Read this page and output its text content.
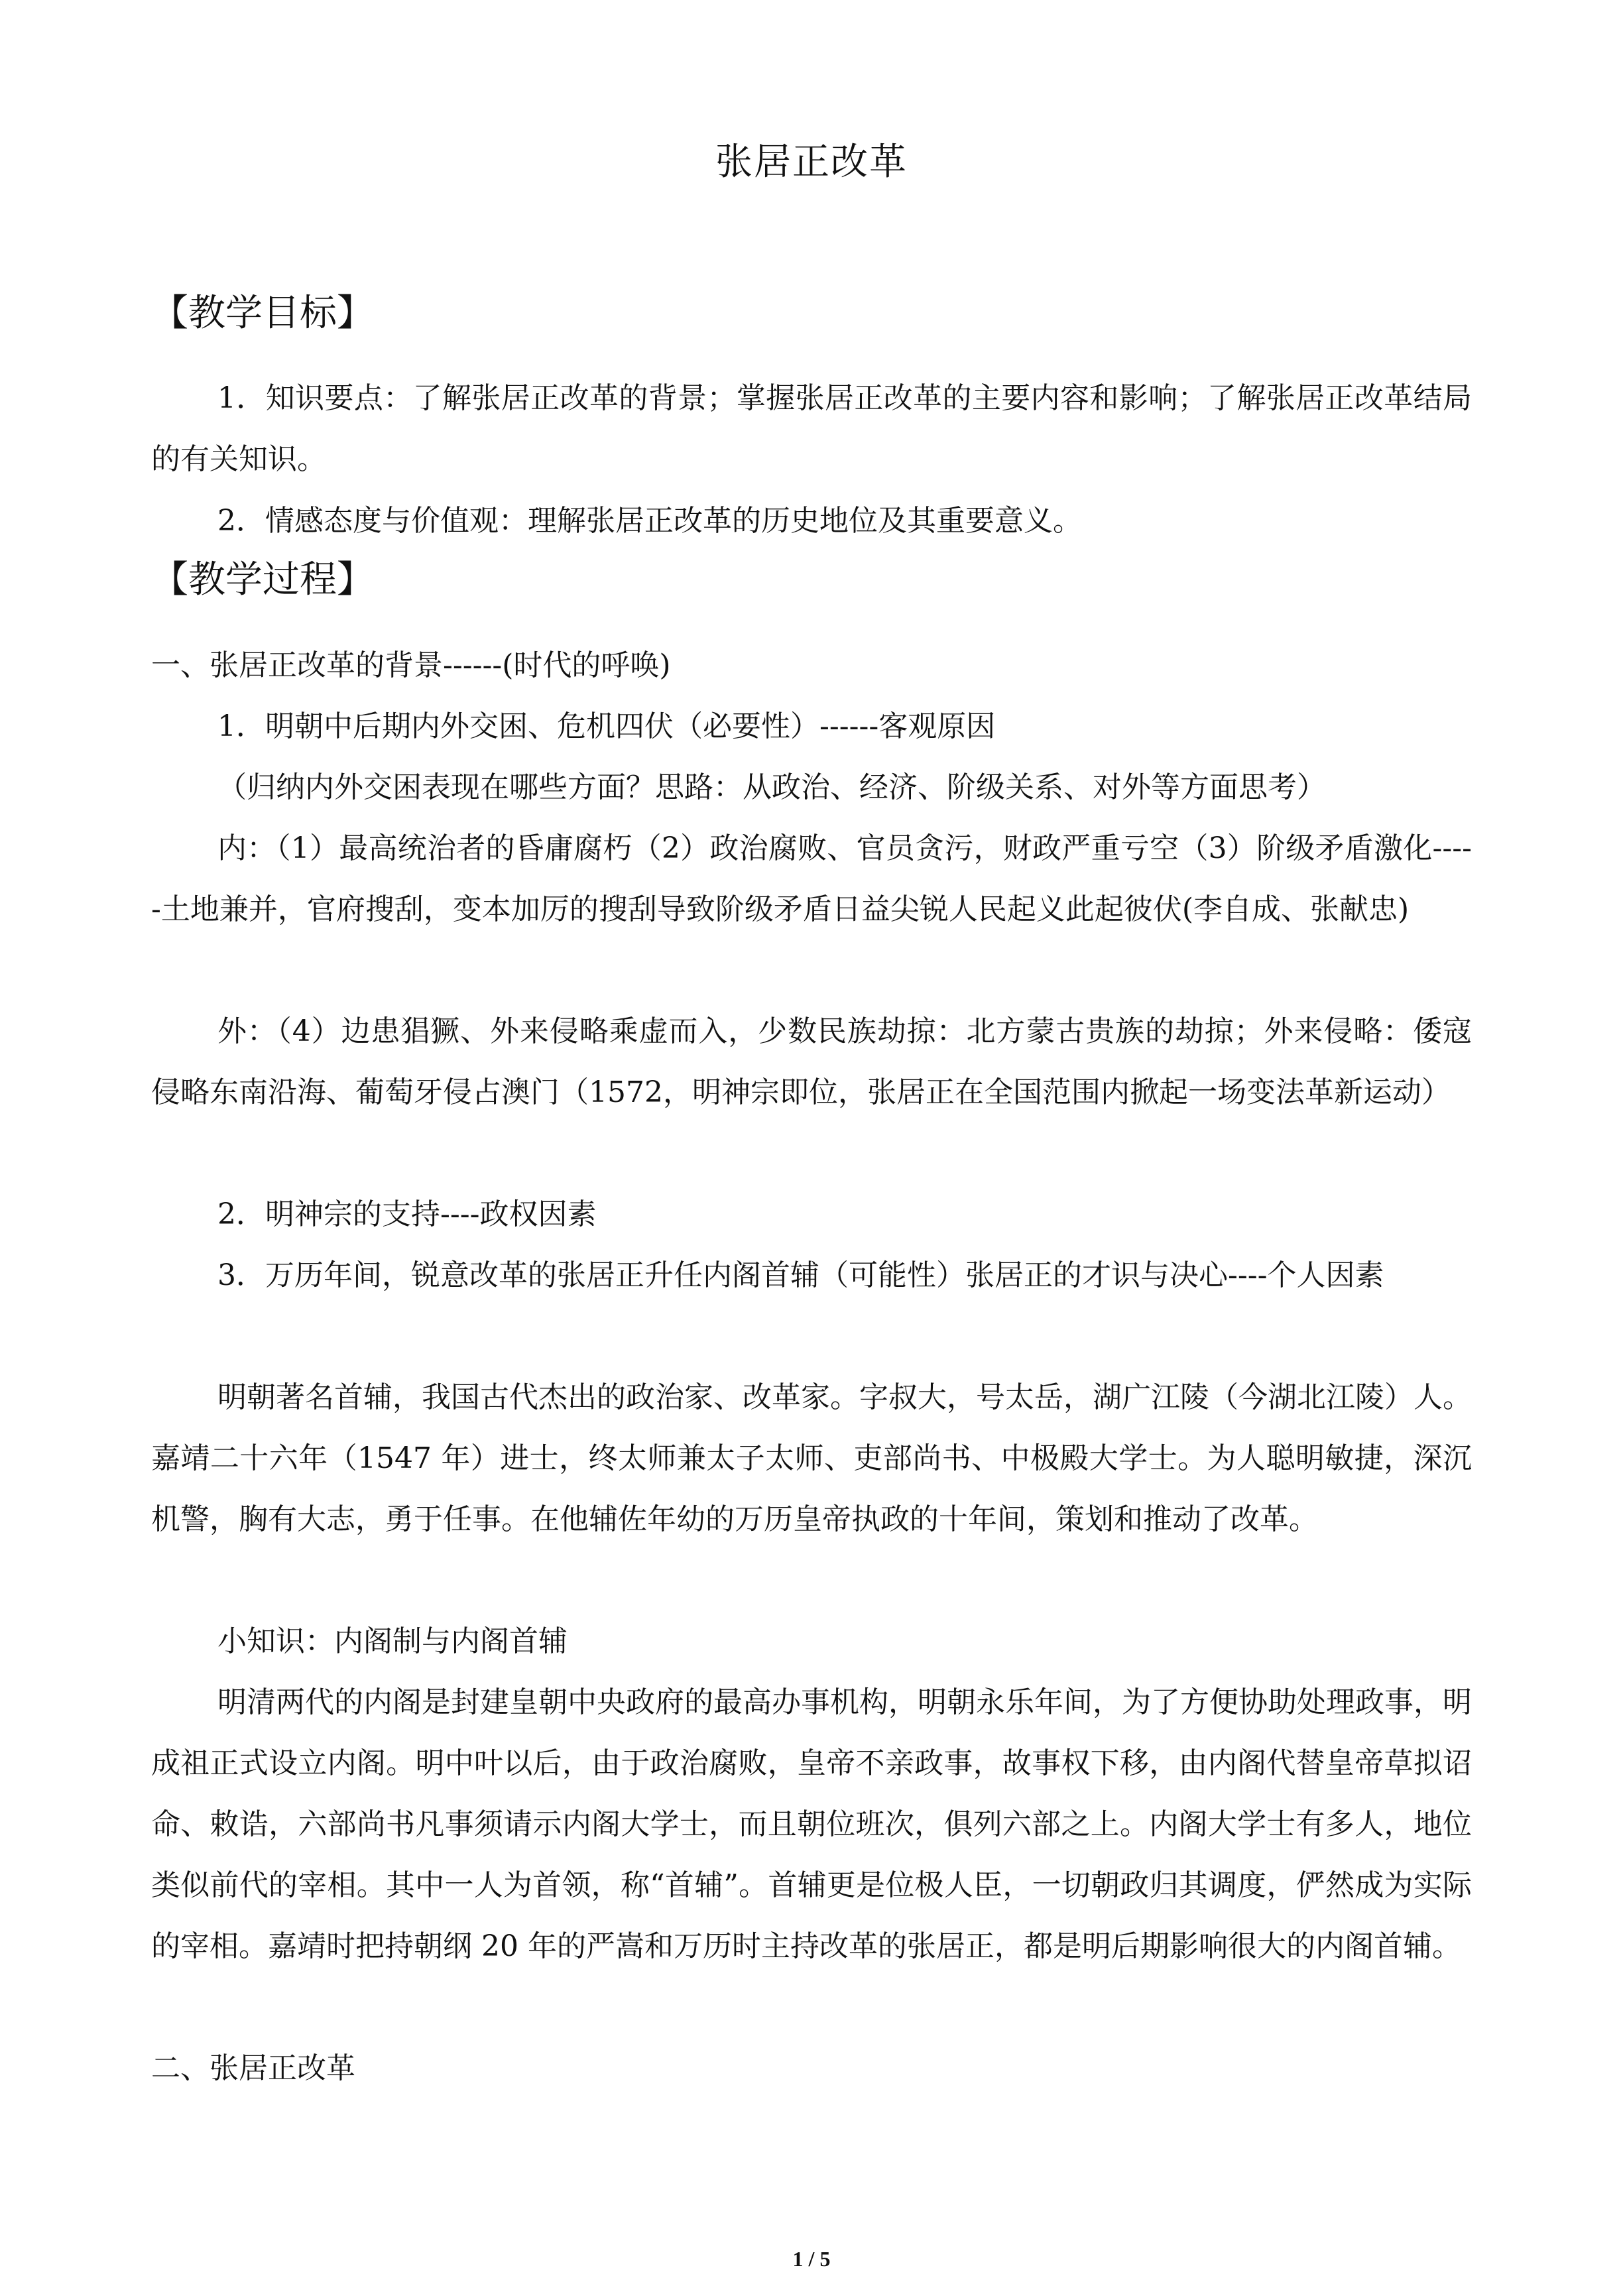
张居正改革
【教学目标】

1．知识要点：了解张居正改革的背景；掌握张居正改革的主要内容和影响；了解张居正改革结局的有关知识。

2．情感态度与价值观：理解张居正改革的历史地位及其重要意义。

【教学过程】

一、张居正改革的背景------(时代的呼唤)

1．明朝中后期内外交困、危机四伏（必要性）------客观原因

（归纳内外交困表现在哪些方面？思路：从政治、经济、阶级关系、对外等方面思考）

内：（1）最高统治者的昏庸腐朽（2）政治腐败、官员贪污，财政严重亏空（3）阶级矛盾激化-----土地兼并，官府搜刮，变本加厉的搜刮导致阶级矛盾日益尖锐人民起义此起彼伏(李自成、张献忠)

外：（4）边患猖獗、外来侵略乘虚而入，少数民族劫掠：北方蒙古贵族的劫掠；外来侵略：倭寇侵略东南沿海、葡萄牙侵占澳门（1572，明神宗即位，张居正在全国范围内掀起一场变法革新运动）

2．明神宗的支持----政权因素

3．万历年间，锐意改革的张居正升任内阁首辅（可能性）张居正的才识与决心----个人因素

明朝著名首辅，我国古代杰出的政治家、改革家。字叔大，号太岳，湖广江陵（今湖北江陵）人。嘉靖二十六年（1547 年）进士，终太师兼太子太师、吏部尚书、中极殿大学士。为人聪明敏捷，深沉机警，胸有大志，勇于任事。在他辅佐年幼的万历皇帝执政的十年间，策划和推动了改革。

小知识：内阁制与内阁首辅

明清两代的内阁是封建皇朝中央政府的最高办事机构，明朝永乐年间，为了方便协助处理政事，明成祖正式设立内阁。明中叶以后，由于政治腐败，皇帝不亲政事，故事权下移，由内阁代替皇帝草拟诏命、敕诰，六部尚书凡事须请示内阁大学士，而且朝位班次，俱列六部之上。内阁大学士有多人，地位类似前代的宰相。其中一人为首领，称“首辅”。首辅更是位极人臣，一切朝政归其调度，俨然成为实际的宰相。嘉靖时把持朝纲 20 年的严嵩和万历时主持改革的张居正，都是明后期影响很大的内阁首辅。

二、张居正改革

1 / 5
